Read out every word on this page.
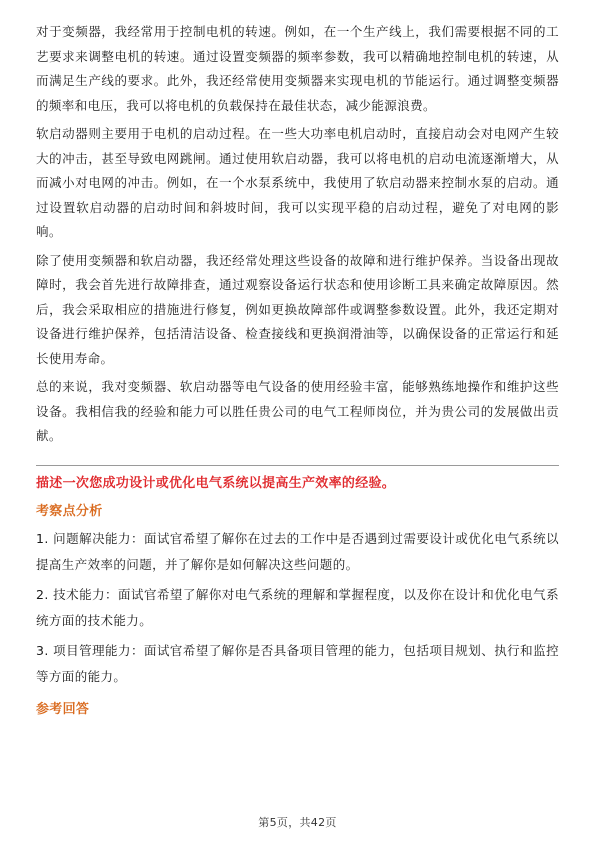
对于变频器，我经常用于控制电机的转速。例如，在一个生产线上，我们需要根据不同的工艺要求来调整电机的转速。通过设置变频器的频率参数，我可以精确地控制电机的转速，从而满足生产线的要求。此外，我还经常使用变频器来实现电机的节能运行。通过调整变频器的频率和电压，我可以将电机的负载保持在最佳状态，减少能源浪费。

软启动器则主要用于电机的启动过程。在一些大功率电机启动时，直接启动会对电网产生较大的冲击，甚至导致电网跳闸。通过使用软启动器，我可以将电机的启动电流逐渐增大，从而减小对电网的冲击。例如，在一个水泵系统中，我使用了软启动器来控制水泵的启动。通过设置软启动器的启动时间和斜坡时间，我可以实现平稳的启动过程，避免了对电网的影响。

除了使用变频器和软启动器，我还经常处理这些设备的故障和进行维护保养。当设备出现故障时，我会首先进行故障排查，通过观察设备运行状态和使用诊断工具来确定故障原因。然后，我会采取相应的措施进行修复，例如更换故障部件或调整参数设置。此外，我还定期对设备进行维护保养，包括清洁设备、检查接线和更换润滑油等，以确保设备的正常运行和延长使用寿命。

总的来说，我对变频器、软启动器等电气设备的使用经验丰富，能够熟练地操作和维护这些设备。我相信我的经验和能力可以胜任贵公司的电气工程师岗位，并为贵公司的发展做出贡献。

描述一次您成功设计或优化电气系统以提高生产效率的经验。

考察点分析

1. 问题解决能力：面试官希望了解你在过去的工作中是否遇到过需要设计或优化电气系统以提高生产效率的问题，并了解你是如何解决这些问题的。

2. 技术能力：面试官希望了解你对电气系统的理解和掌握程度，以及你在设计和优化电气系统方面的技术能力。

3. 项目管理能力：面试官希望了解你是否具备项目管理的能力，包括项目规划、执行和监控等方面的能力。

参考回答

第5页，共42页
